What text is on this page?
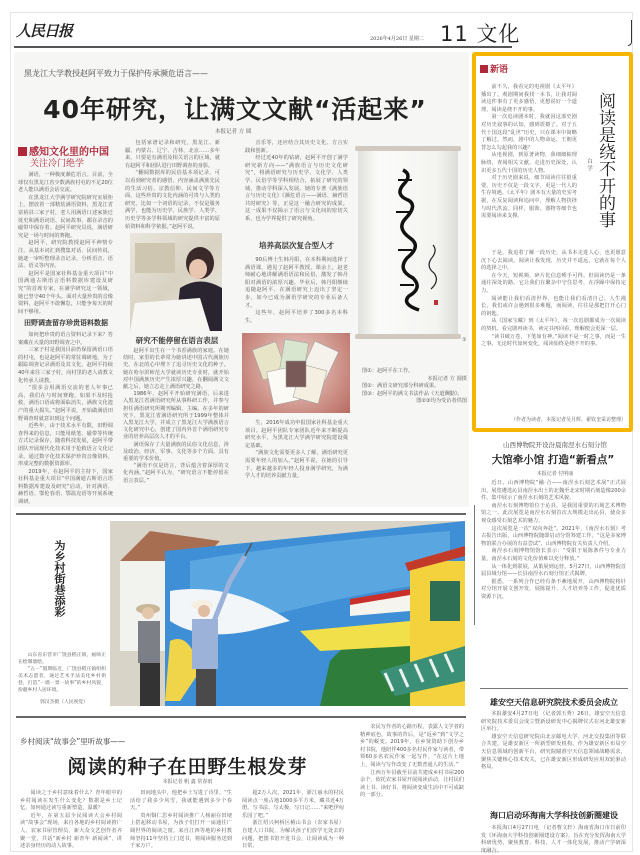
人民日报	2026年4月26日 星期二 11 文化
黑龙江大学教授赵阿平致力于保护传承濒危语言——
40年研究，让满文文献“活起来”
本报记者 方 圆
感知文化里的中国
关注冷门绝学

满语，一种极度濒危语言。目前，全球仅有黑龙江省少数满族村屯的不足20位老人能以满语会话交流。

在黑龙江大学满学研究院研究室展柜上，摆放着一部精装满语资料，黑龙江省富裕县三家子村，老人用满语口述家族迁徙史和满语词语、民间故事，都在录音的磁带中保存着。赵阿平研究员说，满语研究是一场与时间的赛跑。

赵阿平，研究院教授赵阿平神情专注，从基本词汇到搜集对话、民间传说，她逐一审听整理录音记录，分析语音、语法、语义等内容。

赵阿平是国家社科基金重大项目“中国满通古斯语言语料数据库建设及研究”的首席专家，在满学研究这一领域，她已坚守40个年头。面对大量珍贵的音像资料，赵阿平不敢懈怠，只能争每天的时间不够用。

田野调查留存珍贵语料数据

如何把珍贵的语言资料记录下来？答案藏在大量的田野调查之中。

三家子村是我国目前仍保留满语口语的村屯，也是赵阿平的常驻调研地。为了跟踪调查记录满语及其文化，赵阿平持续40年来往三家子村，向村里的老人请教文化传承人请教。

“很多会用满语交流的老人年事已高，我们在与时间赛跑。如果不及时抢救，满语口语或将面临消失，满族文化遗产的重大损失。”赵阿平说，开始做满语田野调查时就意识到这个问题。

近些年，由于技术水平有限，田野调查得来的信息，只能用纸笔、磁带等传统方式记录保存。随着科技发展，赵阿平带团队开展现代化技术用于抢救语言文化记录，通过数字化技术保护珍贵音像资料，形成完整的数据资源库。

2019年，在赵阿平的主持下，国家社科基金重大项目“中国满通古斯语言语料数据库建设及研究”启动，针对满语、赫哲语、鄂伦春语、鄂温克语等开展系统调研。

包括家谱记录和研究，黑龙江、新疆、内蒙古、辽宁、吉林、北京……多年来，只要是有满语及相关语言的区域，就有赵阿平和团队进行田野调查的身影。

“翻阅数据库的民俗基本项记录，可以看到研究者的感悟，内容涵盖满族先民的生活习俗、宗教信仰、民间文学等方面，这些珍贵的文化内涵的可贵与人类的研究。比如一个词语的记录，不仅是服务满学，也能为历史学、民族学、人类学、历史学等多学科领域的研究提供丰富的原始资料和科学依据。”赵阿平说。

研究不能停留在语言表层

赵阿平出生在一个书香满族的家庭。在她幼时，家里的长辈常为她讲述中国古代满族历史。在北的心中埋下了追寻历史文化的种子。她在哈尔滨师范大学就读历史专业时，就开始对中国满族历史产生浓厚兴趣，在翻阅满文文献之后，她立志走上满语研究之路。

1986年，赵阿平开始研究满语，后来进入黑龙江省满语研究所从事科研工作，并参与担任满语研究所期刊编辑、主编。在多年的研究下，黑龙江省满语研究所于1999年整体并入黑龙江大学，并成立了黑龙江大学满族语言文化研究中心，创建了国内外首个满语研究专业的培养高层次人才的平台。

满语保存了大量满族的民俗文化信息，涉及政治、经济、军事、文化等多个方面，具有重要的学术价值。

“满语不仅是语言，背后蕴含着深厚的文化内涵。”赵阿平认为，“研究语言不能停留在语言表层。”

音乐等，还应结合其历史文化、方言实践和创新。

经过近40年的钻研，赵阿平开创了满学研究新方向——“满族语言与历史文化研究”，将满语研究与历史学、文化学、人类学、民俗学等学科相结合，拓展了研究的领域，推动学科深入发展。她的专著《满族语言与历史文化》《濒危语言——满语、赫哲语共时研究》等，正是这一融合研究的成果。这一成果不仅揭示了语言与文化间的密切关系，也为学界提供了研究视角。

培养高层次复合型人才

90后博士生韩丹阳，在本科期间选择了满语课，遇见了赵阿平教授。课余上，赵老师耐心地讲解满语语法和民俗，激发了韩丹阳对满语的浓厚兴趣。毕业后，韩丹阳继续追随赵阿平，在满语研究上迈出了坚定一步，如今已成为满语学研究的专业后备人才。

这些年，赵阿平培养了300多名本科生。

生，2016年成功申报国家社科基金重大项目。赵阿平团队专家团队近年来不断提高研究水平，为黑龙江大学满学研究院建设奠定基础。

“满族文化需要更多人了解，满语研究更需要年轻人的加入。”赵阿平说，在她的引导下，越来越多的年轻人投身满学研究，为满学人才的培养贡献力量。

①
图①：赵阿平在工作。
本报记者 方 圆摄
图②：满语文研究部分科研成果。
图③：赵阿平的满文书法作品《天道酬勤》。
图②③均为受访者供图
新语
阅读是绕不开的事
白 学

前不久，我看完的电视剧《太平年》播出了。观剧期间我找一本书，让我对阅读这件事有了更多感悟，更想说好一个道理，阅读是绕不开的事。

第一次追读剧本时，我就因这部史剧对历史叙事的认知，感到震撼了。对于五代十国这段“乱世”历史，只在课本中简略了解过。然而，剧中的人物命运、王朝更替怎么勾起我的兴趣？

从电视剧，到原著读物，我细细梳理脉络，查阅相关文献，走进历史深处，认识更多五代十国的历史人物。

对于历史剧来说，细节阅读往往很重要。历史不仅是一段文字，更是一代人的生存境遇。《太平年》剧本有大量的史实考据，在反复阅读和追问中，理解人物抉择与时代洪流。同样，服饰、器物等细节也需要阅读来支撑。

于是，我追着了解一段历史，从书本走进人心，也更愿意沉下心去阅读。阅读让我发现，历史并不遥远，它就在每个人的选择之中。

在今天，短视频、碎片化信息唾手可得。但阅读仍是一条通往深处的路，它让我们在繁杂中守住思考，在浮躁中保持定力。

阅读能让我们看清世界，也能让我们看清自己。人生漫长，我们或许会遇到很多难题，而阅读，往往是那把打开心门的钥匙。

从《国家宝藏》到《太平年》，每一次追剧都成为一次阅读的契机。看完剧再读书，读完书再回看，理解便会更深一层。

“读书破万卷，下笔如有神。”阅读不是一时之事，而是一生之事。无论时代如何变化，阅读始终是绕不开的事。

（作者为读者，本报记者吴月辉、翟钦奎采访整理）
山西博物院开设汾晨南涅水石刻分馆
大馆牵小馆 打造“新看点”
本报记者 付明丽

近日，山西博物院“融·合——南涅水石刻艺术展”正式展出，展览遴选沁县南涅水出土的北魏至北宋时期石刻造像200余件，集中展示了南涅水石刻的艺术风貌。

南涅水石刻博物馆位于沁县，是我国重要的石刻艺术博物馆之一。此次展览是南涅水石刻首次大规模走出沁县，使众多观众感受石刻艺术的魅力。

这次展览是一次“双向奔赴”。2021年，《南涅水石刻》考古报告出版，山西博物院随即启动分馆筹建工作。“这是多家博物馆联合办展的有益尝试”，山西博物院有关负责人介绍。

南涅水石刻博物馆馆长表示：“受限于展陈条件与专业力量，南涅水石刻的文化价值难以充分释放。”

从一体化到联展，从策展到运营，5月27日，山西博物院首届县域分馆——长县南涅水石刻分馆正式揭牌。

据悉，一系列合作已经有条不紊地展开，山西博物院将针对分馆开展文创开发、展陈提升、人才培养等工作，促进优质资源下沉。

雄安空天信息研究院技术委员会成立

本报雄安4月27日电 （记者郭玉秀）26日，雄安空天信息研究院技术委员会成立暨新设研发中心揭牌仪式在河北雄安新区举行。

雄安空天信息研究院由北京邮电大学、河北交投集团等联合共建，是雄安新区一所新型研发机构。作为雄安新区布局空天信息领域的创新平台，研究院瞄准空天信息领域战略需求，聚焦关键核心技术攻关，已在雄安新区形成研发应用双轮驱动格局。

海口启动环海南大学科技创新圈建设

本报海口4月27日电 （记者曹文轩）海南省海口市日前印发《环海南大学科技创新圈建设方案》，旨在充分发挥海南大学科研优势，聚焦教育、科技、人才一体化发展，推动产学研深度融合。

为乡村街巷添彩

山东省东营市广饶县稻庄镇，画师正在绘制墙绘。

“五一”假期临近，广饶县稻庄镇组织美术志愿者，通过艺术手法美化乡村街巷，打造“一墙一景一故事”的乡村风貌，扮靓乡村人居环境。

郭汉杰摄（人民视觉）
乡村阅读“故事会”里听故事——
阅读的种子在田野生根发芽
本报记者 帆 鑫 常春雨

阅读之于乡村意味着什么？青年眼中的乡村阅读在发生什么变化？数据是乡土记忆，如何通过读写重新塑造，温暖？

近年，在第五届全民阅读大会乡村阅读“故事会”现场，来自各地的乡村阅读推广人、农家书屋管理员、新大众文艺创作者齐聚一堂，共话“新乡村 新青年 新阅读”，讲述亲身经历的动人故事。

田间地头中，他把乡土写进了诗里。“生活给了我多少风雪，我就能遇到多少个春天。”

贵州铜仁思乡村阅读推广人杨丽在田埂上搭起移动书屋，为孩子们打开一扇通往广阔世界的阅读之窗。来自江西等地的乡村教师坚持11年坚持上门送书，将阅读服务送到千家万户。

超2万人次。2021年，浙江丽水的村民阅读点一度占地1000多平方米，藏书近4万册。写书法、写太极、写日记……“来吧伊甸乐园了吧。”

浙江绍兴柯桥区稽山书会（农家书屋）自建人口书院，为解决孩子们放学无处去的问题，把图书馆开进书会，让阅读成为一种日常。

农民写作者的心路历程，表露人文学者的精神底色。故事的背后，是“返乡”到“文学之乡”的蜕变。2019年，在乡贤资助下创办乡村书院，他陪伴400多名村民作家与读者，带领60多名农民作家一起写作，“在这片土地上，阅读与写作改变了无数普通人的生活。”

江西万年县截至目前共建成乡村书屋200余个，依托农家书屋开展阅读活动，让村民们读上书、读好书，将阅读变成生活中不可或缺的一部分。
